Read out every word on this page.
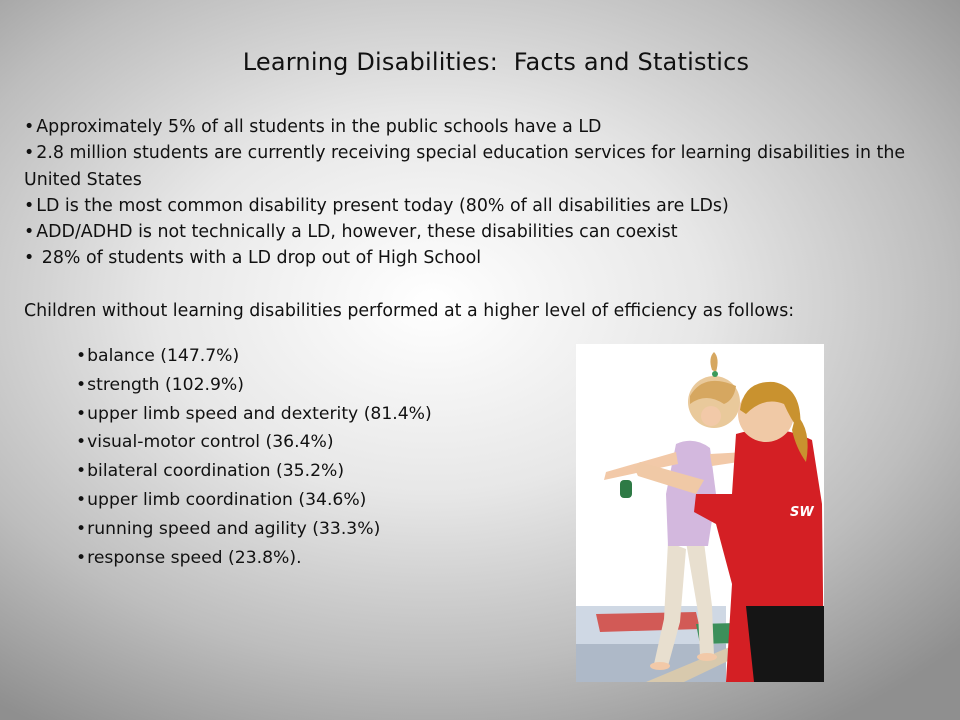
Learning Disabilities: Facts and Statistics
• Approximately 5% of all students in the public schools have a LD
• 2.8 million students are currently receiving special education services for learning disabilities in the United States
• LD is the most common disability present today (80% of all disabilities are LDs)
• ADD/ADHD is not technically a LD, however, these disabilities can coexist
• 28% of students with a LD drop out of High School
Children without learning disabilities performed at a higher level of efficiency as follows:
• balance (147.7%)
• strength (102.9%)
• upper limb speed and dexterity (81.4%)
• visual-motor control (36.4%)
• bilateral coordination (35.2%)
• upper limb coordination (34.6%)
• running speed and agility (33.3%)
• response speed (23.8%).
SW
